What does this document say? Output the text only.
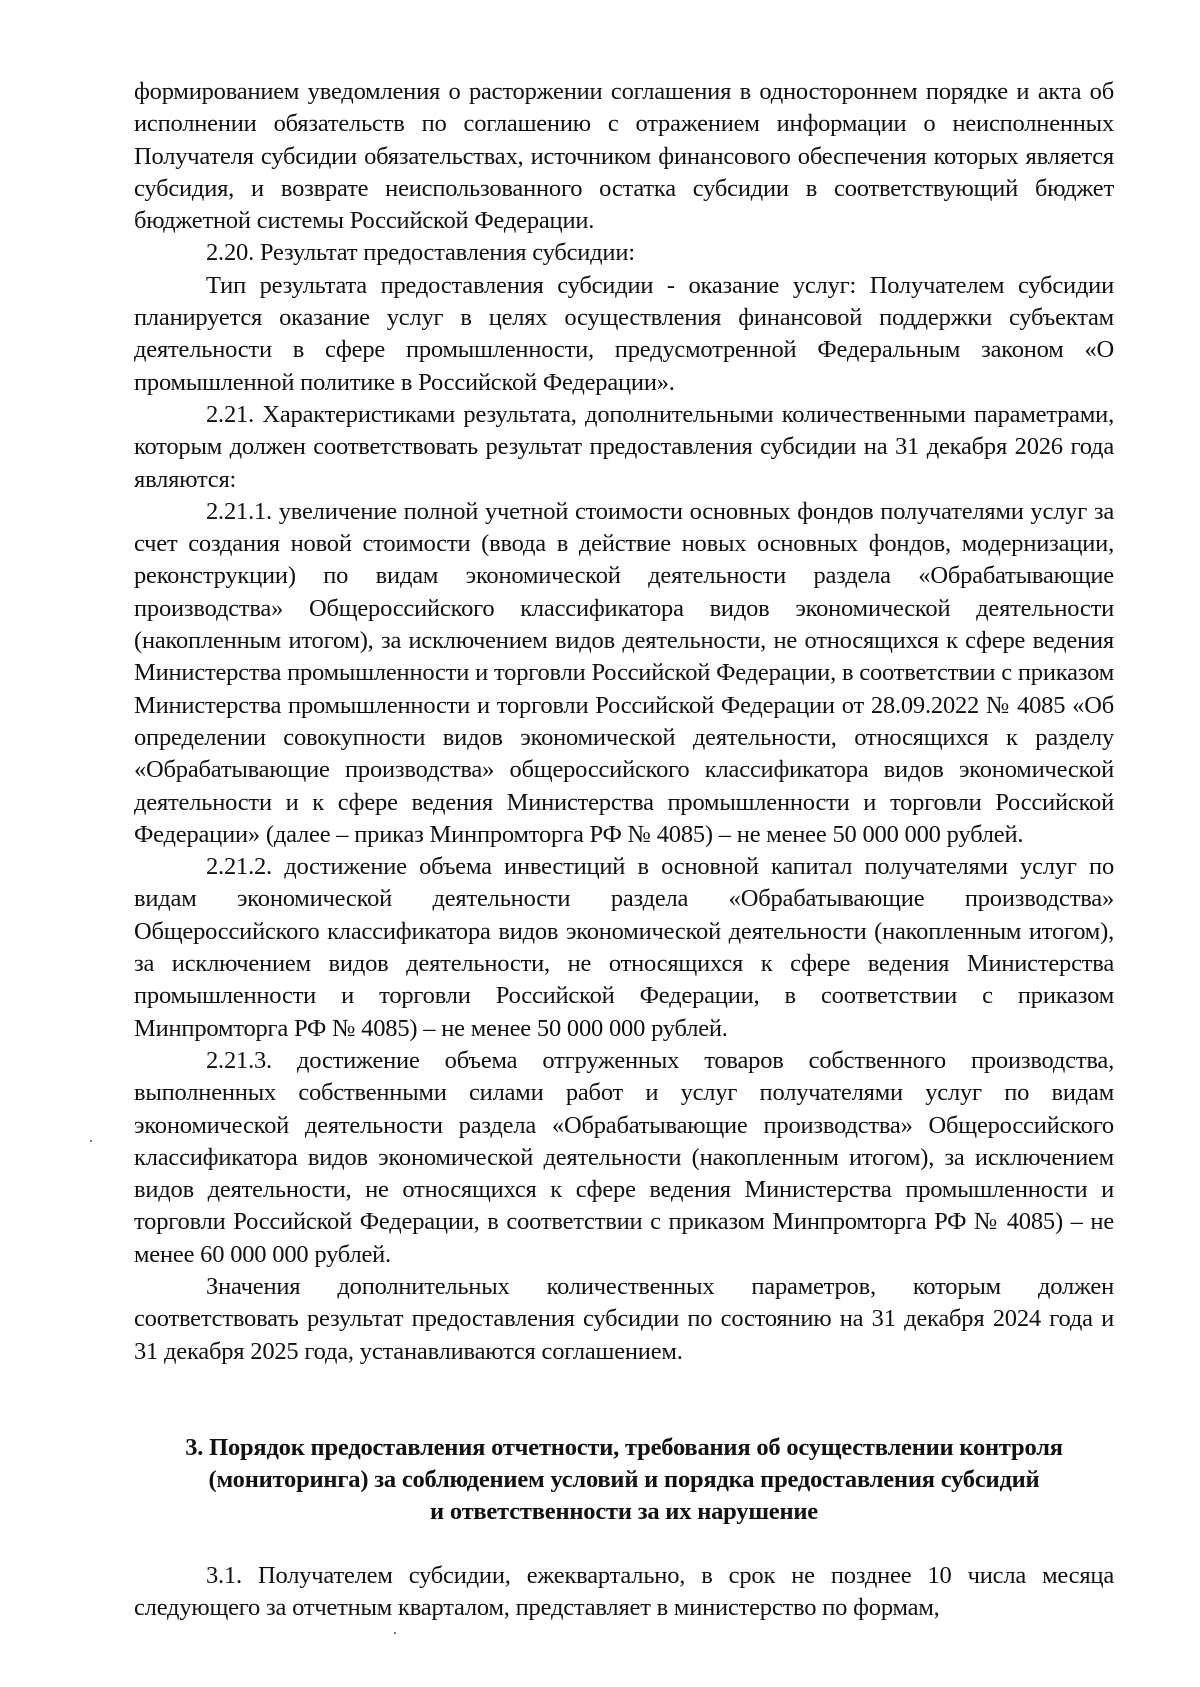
формированием уведомления о расторжении соглашения в одностороннем порядке и акта об исполнении обязательств по соглашению с отражением информации о неисполненных Получателя субсидии обязательствах, источником финансового обеспечения которых является субсидия, и возврате неиспользованного остатка субсидии в соответствующий бюджет бюджетной системы Российской Федерации.

2.20. Результат предоставления субсидии:

Тип результата предоставления субсидии - оказание услуг: Получателем субсидии планируется оказание услуг в целях осуществления финансовой поддержки субъектам деятельности в сфере промышленности, предусмотренной Федеральным законом «О промышленной политике в Российской Федерации».

2.21. Характеристиками результата, дополнительными количественными параметрами, которым должен соответствовать результат предоставления субсидии на 31 декабря 2026 года являются:

2.21.1. увеличение полной учетной стоимости основных фондов получателями услуг за счет создания новой стоимости (ввода в действие новых основных фондов, модернизации, реконструкции) по видам экономической деятельности раздела «Обрабатывающие производства» Общероссийского классификатора видов экономической деятельности (накопленным итогом), за исключением видов деятельности, не относящихся к сфере ведения Министерства промышленности и торговли Российской Федерации, в соответствии с приказом Министерства промышленности и торговли Российской Федерации от 28.09.2022 № 4085 «Об определении совокупности видов экономической деятельности, относящихся к разделу «Обрабатывающие производства» общероссийского классификатора видов экономической деятельности и к сфере ведения Министерства промышленности и торговли Российской Федерации» (далее – приказ Минпромторга РФ № 4085) – не менее 50 000 000 рублей.

2.21.2. достижение объема инвестиций в основной капитал получателями услуг по видам экономической деятельности раздела «Обрабатывающие производства» Общероссийского классификатора видов экономической деятельности (накопленным итогом), за исключением видов деятельности, не относящихся к сфере ведения Министерства промышленности и торговли Российской Федерации, в соответствии с приказом Минпромторга РФ № 4085) – не менее 50 000 000 рублей.

2.21.3. достижение объема отгруженных товаров собственного производства, выполненных собственными силами работ и услуг получателями услуг по видам экономической деятельности раздела «Обрабатывающие производства» Общероссийского классификатора видов экономической деятельности (накопленным итогом), за исключением видов деятельности, не относящихся к сфере ведения Министерства промышленности и торговли Российской Федерации, в соответствии с приказом Минпромторга РФ № 4085) – не менее 60 000 000 рублей.

Значения дополнительных количественных параметров, которым должен соответствовать результат предоставления субсидии по состоянию на 31 декабря 2024 года и 31 декабря 2025 года, устанавливаются соглашением.

3. Порядок предоставления отчетности, требования об осуществлении контроля

(мониторинга) за соблюдением условий и порядка предоставления субсидий

и ответственности за их нарушение

3.1. Получателем субсидии, ежеквартально, в срок не позднее 10 числа месяца следующего за отчетным кварталом, представляет в министерство по формам,
